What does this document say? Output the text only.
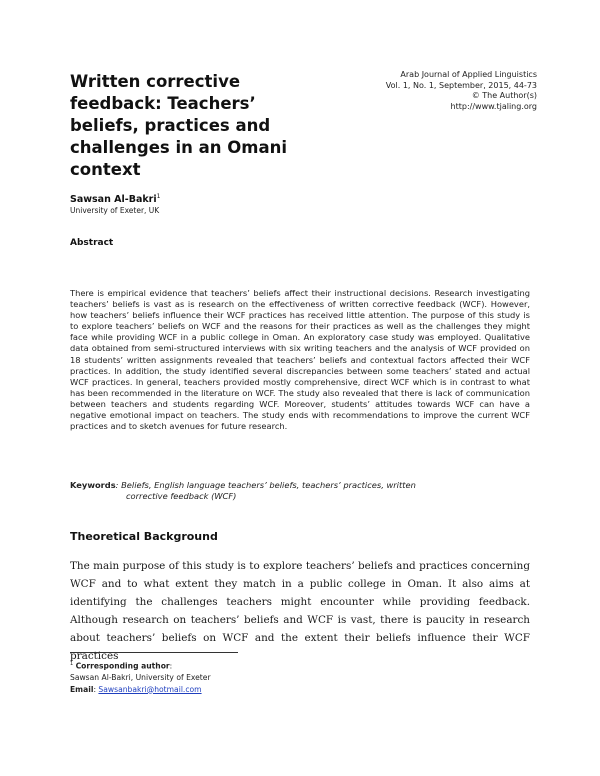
Written corrective
feedback: Teachers’
beliefs, practices and
challenges in an Omani
context
Arab Journal of Applied Linguistics
Vol. 1, No. 1, September, 2015, 44-73
© The Author(s)
http://www.tjaling.org
Sawsan Al-Bakri$^1$
University of Exeter, UK
Abstract
There is empirical evidence that teachers’ beliefs affect their instructional decisions. Research investigating teachers’ beliefs is vast as is research on the effectiveness of written corrective feedback (WCF). However, how teachers’ beliefs influence their WCF practices has received little attention. The purpose of this study is to explore teachers’ beliefs on WCF and the reasons for their practices as well as the challenges they might face while providing WCF in a public college in Oman. An exploratory case study was employed. Qualitative data obtained from semi-structured interviews with six writing teachers and the analysis of WCF provided on 18 students’ written assignments revealed that teachers’ beliefs and contextual factors affected their WCF practices. In addition, the study identified several discrepancies between some teachers’ stated and actual WCF practices. In general, teachers provided mostly comprehensive, direct WCF which is in contrast to what has been recommended in the literature on WCF. The study also revealed that there is lack of communication between teachers and students regarding WCF. Moreover, students’ attitudes towards WCF can have a negative emotional impact on teachers. The study ends with recommendations to improve the current WCF practices and to sketch avenues for future research.
Keywords: Beliefs, English language teachers’ beliefs, teachers’ practices, written
corrective feedback (WCF)
Theoretical Background
The main purpose of this study is to explore teachers’ beliefs and practices concerning WCF and to what extent they match in a public college in Oman. It also aims at identifying the challenges teachers might encounter while providing feedback. Although research on teachers’ beliefs and WCF is vast, there is paucity in research about teachers’ beliefs on WCF and the extent their beliefs influence their WCF practices
$^1$ Corresponding author:
Sawsan Al-Bakri, University of Exeter
Email: Sawsanbakri@hotmail.com
